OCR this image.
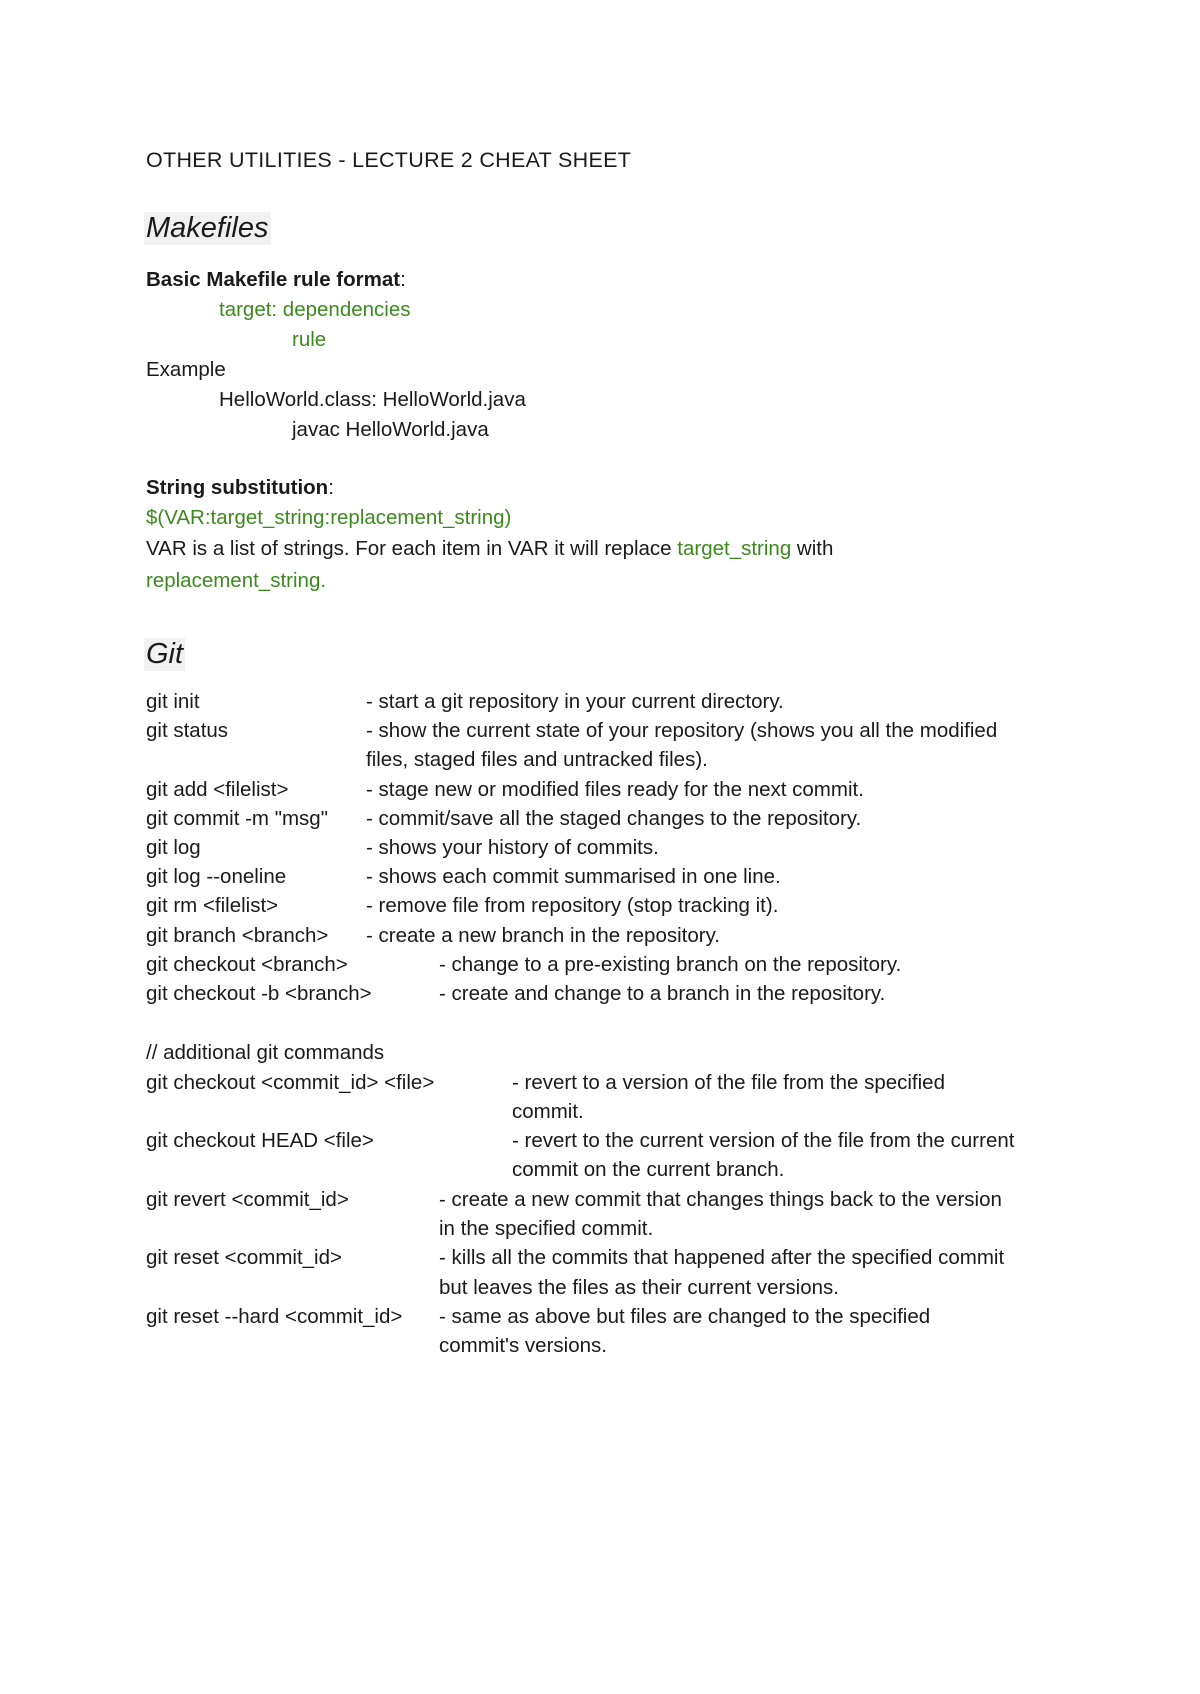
OTHER UTILITIES - LECTURE 2 CHEAT SHEET
Makefiles
Basic Makefile rule format:
target: dependencies
rule
Example
HelloWorld.class: HelloWorld.java
javac HelloWorld.java
String substitution:
$(VAR:target_string:replacement_string)
VAR is a list of strings. For each item in VAR it will replace target_string with
replacement_string.
Git
git init	- start a git repository in your current directory.
git status	- show the current state of your repository (shows you all the modified
files, staged files and untracked files).
git add <filelist>	- stage new or modified files ready for the next commit.
git commit -m "msg" - commit/save all the staged changes to the repository.
git log	- shows your history of commits.
git log --oneline	- shows each commit summarised in one line.
git rm <filelist>	- remove file from repository (stop tracking it).
git branch <branch> - create a new branch in the repository.
git checkout <branch>	- change to a pre-existing branch on the repository.
git checkout -b <branch>	- create and change to a branch in the repository.
// additional git commands
git checkout <commit_id> <file>	- revert to a version of the file from the specified
commit.
git checkout HEAD <file>	- revert to the current version of the file from the current
commit on the current branch.
git revert <commit_id>	- create a new commit that changes things back to the version
in the specified commit.
git reset <commit_id>	- kills all the commits that happened after the specified commit
but leaves the files as their current versions.
git reset --hard <commit_id> - same as above but files are changed to the specified
commit's versions.
